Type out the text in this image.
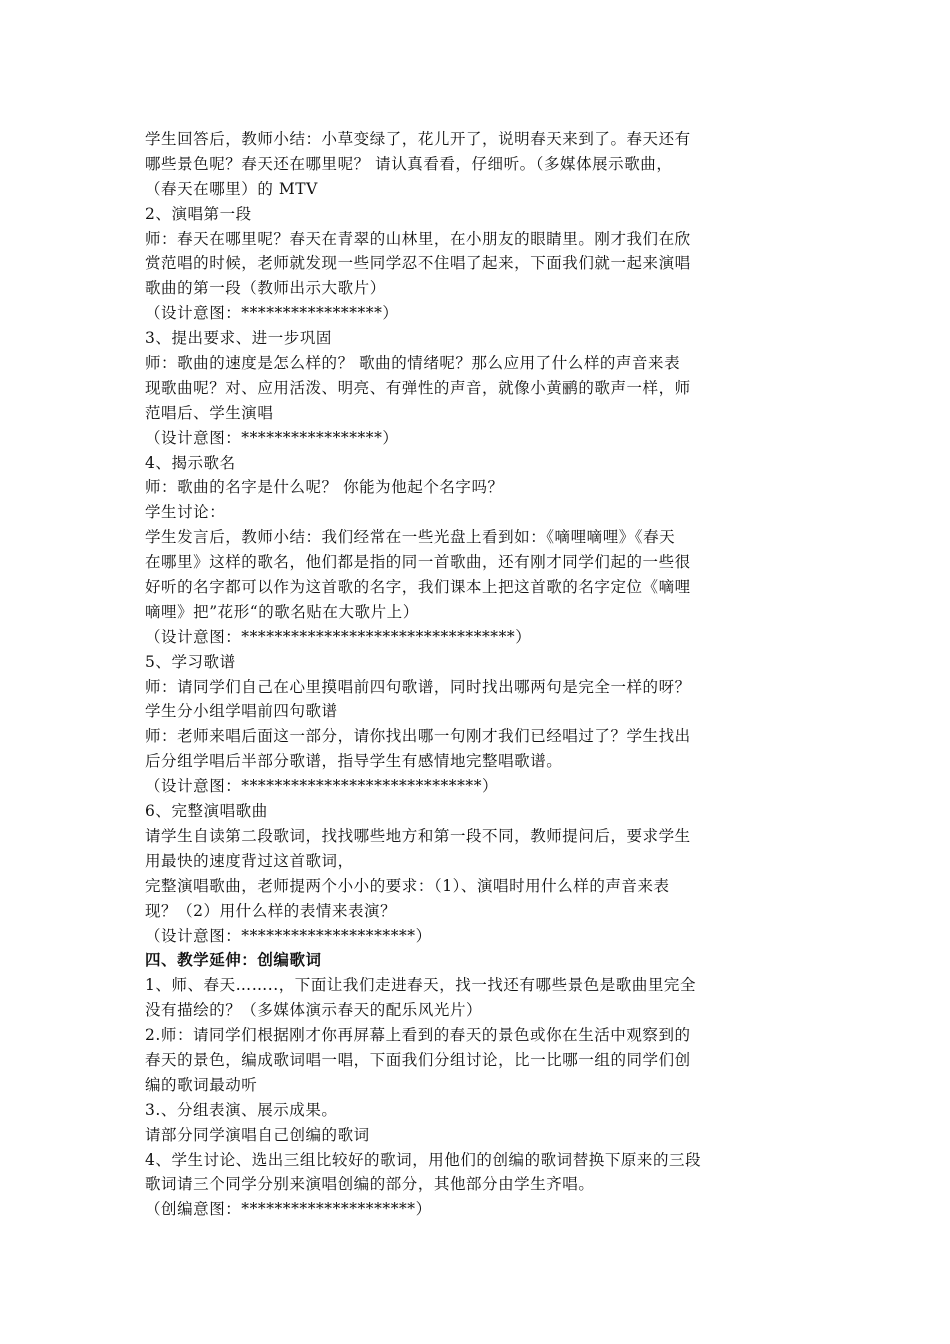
学生回答后，教师小结：小草变绿了，花儿开了，说明春天来到了。春天还有
哪些景色呢？春天还在哪里呢？ 请认真看看，仔细听。（多媒体展示歌曲，
（春天在哪里）的 MTV
2、演唱第一段
师：春天在哪里呢？春天在青翠的山林里，在小朋友的眼睛里。刚才我们在欣
赏范唱的时候，老师就发现一些同学忍不住唱了起来，下面我们就一起来演唱
歌曲的第一段（教师出示大歌片）
（设计意图：*****************）
3、提出要求、进一步巩固
师：歌曲的速度是怎么样的？ 歌曲的情绪呢？那么应用了什么样的声音来表
现歌曲呢？对、应用活泼、明亮、有弹性的声音，就像小黄鹂的歌声一样，师
范唱后、学生演唱
（设计意图：*****************）
4、揭示歌名
师：歌曲的名字是什么呢？ 你能为他起个名字吗？
学生讨论：
学生发言后，教师小结：我们经常在一些光盘上看到如：《嘀哩嘀哩》《春天
在哪里》这样的歌名，他们都是指的同一首歌曲，还有刚才同学们起的一些很
好听的名字都可以作为这首歌的名字，我们课本上把这首歌的名字定位《嘀哩
嘀哩》把”花形“的歌名贴在大歌片上）
（设计意图：*********************************）
5、学习歌谱
师：请同学们自己在心里摸唱前四句歌谱，同时找出哪两句是完全一样的呀？
学生分小组学唱前四句歌谱
师：老师来唱后面这一部分，请你找出哪一句刚才我们已经唱过了？学生找出
后分组学唱后半部分歌谱，指导学生有感情地完整唱歌谱。
（设计意图：*****************************）
6、完整演唱歌曲
请学生自读第二段歌词，找找哪些地方和第一段不同，教师提问后，要求学生
用最快的速度背过这首歌词，
完整演唱歌曲，老师提两个小小的要求：（1）、演唱时用什么样的声音来表
现？（2）用什么样的表情来表演？
（设计意图：*********************）
四、教学延伸：创编歌词
1、师、春天……..，下面让我们走进春天，找一找还有哪些景色是歌曲里完全
没有描绘的？（多媒体演示春天的配乐风光片）
2.师：请同学们根据刚才你再屏幕上看到的春天的景色或你在生活中观察到的
春天的景色，编成歌词唱一唱，下面我们分组讨论，比一比哪一组的同学们创
编的歌词最动听
3.、分组表演、展示成果。
请部分同学演唱自己创编的歌词
4、学生讨论、选出三组比较好的歌词，用他们的创编的歌词替换下原来的三段
歌词请三个同学分别来演唱创编的部分，其他部分由学生齐唱。
（创编意图：*********************）
